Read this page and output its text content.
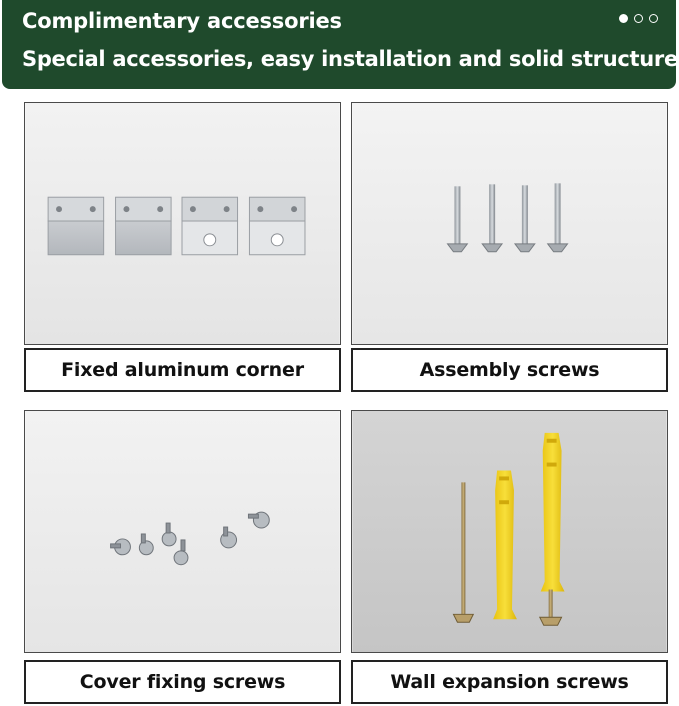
Complimentary accessories

Special accessories, easy installation and solid structure

Fixed aluminum corner	Assembly screws
Cover fixing screws	Wall expansion screws
